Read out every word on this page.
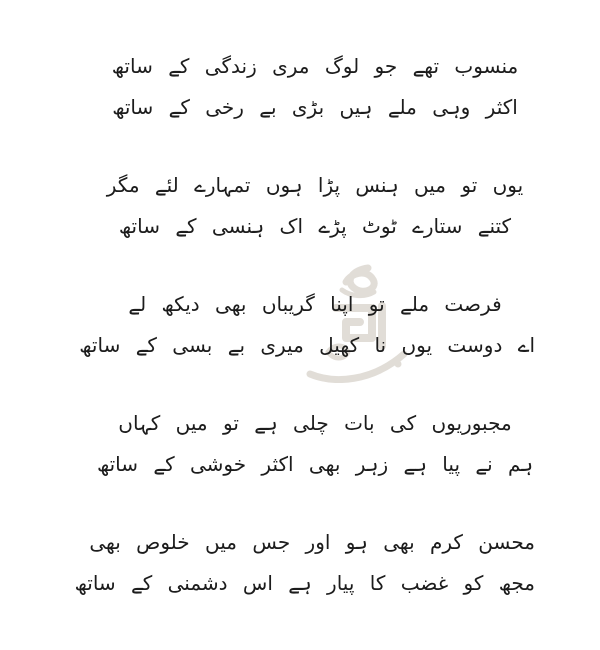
منسوب تھے جو لوگ مری زندگی کے ساتھ
اکثر وہی ملے ہیں بڑی بے رخی کے ساتھ
یوں تو میں ہنس پڑا ہوں تمہارے لئے مگر
کتنے ستارے ٹوٹ پڑے اک ہنسی کے ساتھ
فرصت ملے تو اپنا گریباں بھی دیکھ لے
اے دوست یوں نا کھیل میری بے بسی کے ساتھ
مجبوریوں کی بات چلی ہے تو میں کہاں
ہم نے پیا ہے زہر بھی اکثر خوشی کے ساتھ
محسن کرم بھی ہو اور جس میں خلوص بھی
مجھ کو غضب کا پیار ہے اس دشمنی کے ساتھ
